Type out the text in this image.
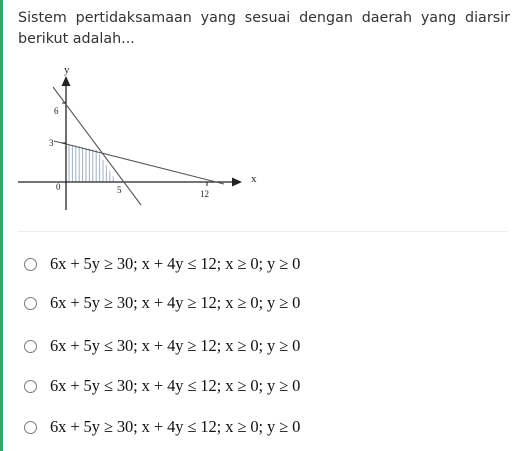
Sistem pertidaksamaan yang sesuai dengan daerah yang diarsir berikut adalah...
y
x
0
6
3
5	12
6x + 5y ≥ 30; x + 4y ≤ 12; x ≥ 0; y ≥ 0
6x + 5y ≥ 30; x + 4y ≥ 12; x ≥ 0; y ≥ 0
6x + 5y ≤ 30; x + 4y ≥ 12; x ≥ 0; y ≥ 0
6x + 5y ≤ 30; x + 4y ≤ 12; x ≥ 0; y ≥ 0
6x + 5y ≥ 30; x + 4y ≤ 12; x ≥ 0; y ≥ 0
